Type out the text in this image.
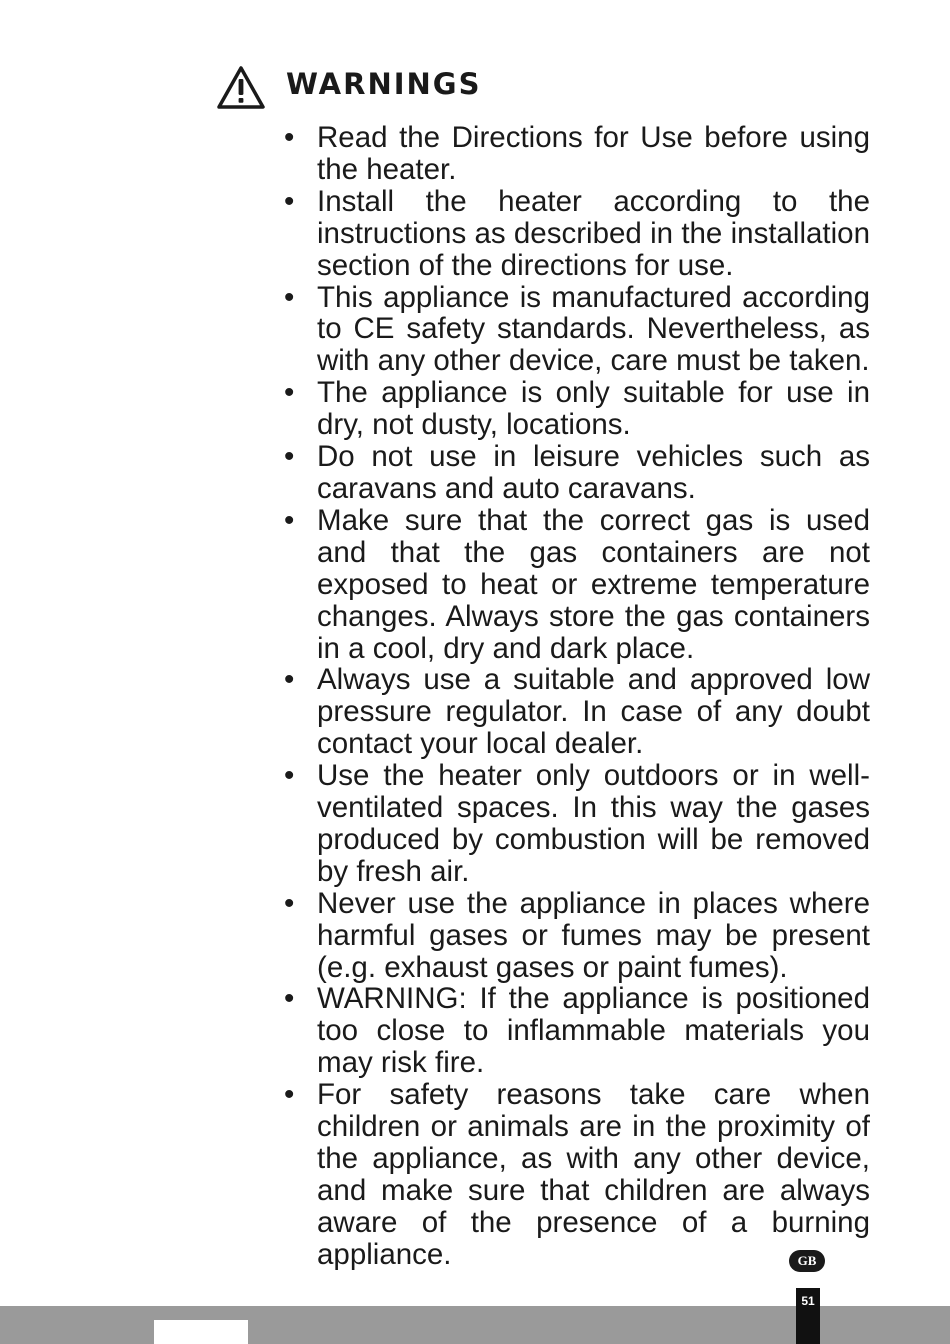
WARNINGS
• Read the Directions for Use before using the heater.
• Install the heater according to the instructions as described in the installation section of the directions for use.
• This appliance is manufactured according to CE safety standards. Nevertheless, as with any other device, care must be taken.
• The appliance is only suitable for use in dry, not dusty, locations.
• Do not use in leisure vehicles such as caravans and auto caravans.
• Make sure that the correct gas is used and that the gas containers are not exposed to heat or extreme temperature changes. Always store the gas containers in a cool, dry and dark place.
• Always use a suitable and approved low pressure regulator. In case of any doubt contact your local dealer.
• Use the heater only outdoors or in well-ventilated spaces. In this way the gases produced by combustion will be removed by fresh air.
• Never use the appliance in places where harmful gases or fumes may be present (e.g. exhaust gases or paint fumes).
• WARNING: If the appliance is positioned too close to inflammable materials you may risk fire.
• For safety reasons take care when children or animals are in the proximity of the appliance, as with any other device, and make sure that children are always aware of the presence of a burning appliance.	GB
51
